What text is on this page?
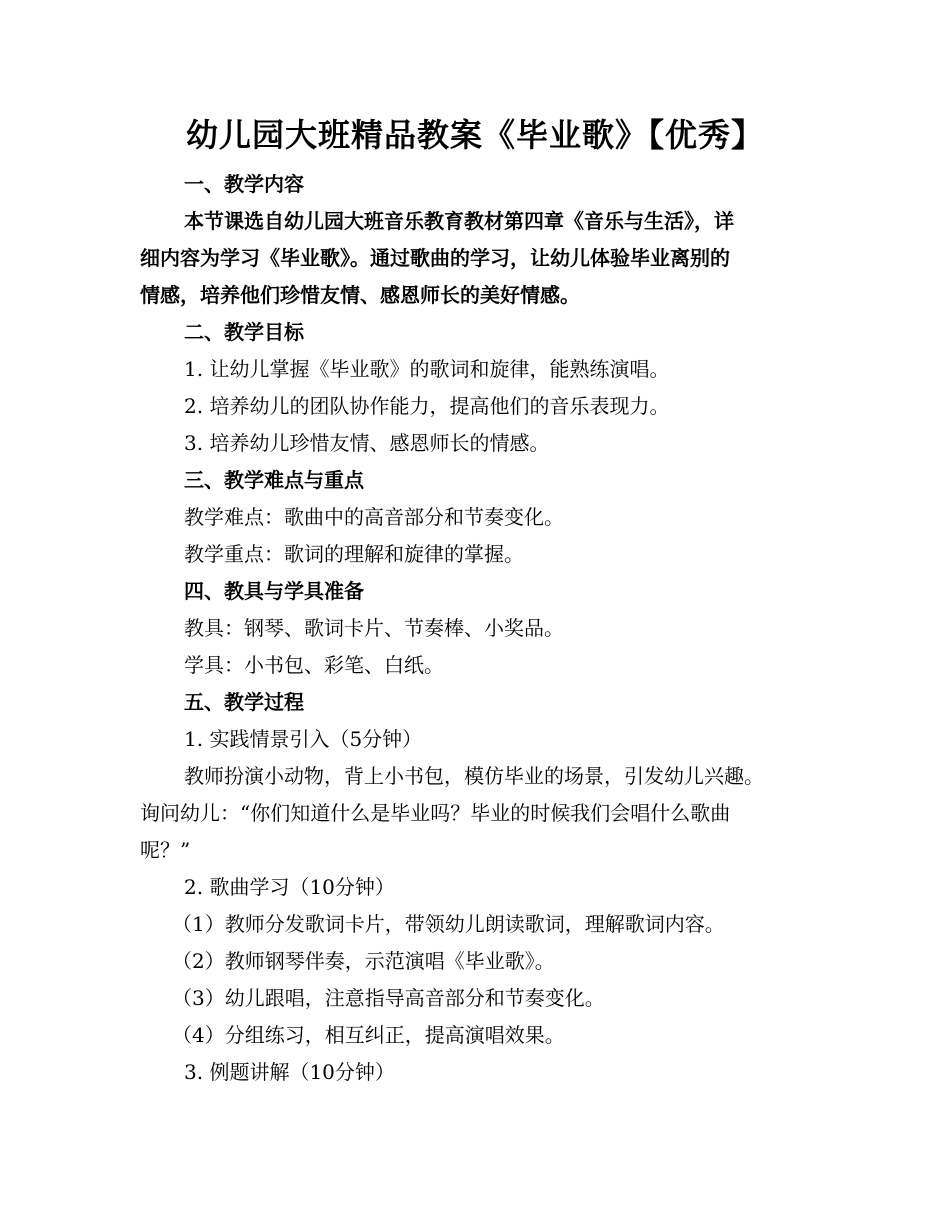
幼儿园大班精品教案《毕业歌》【优秀】
一、教学内容
本节课选自幼儿园大班音乐教育教材第四章《音乐与生活》，详
细内容为学习《毕业歌》。通过歌曲的学习，让幼儿体验毕业离别的
情感，培养他们珍惜友情、感恩师长的美好情感。
二、教学目标
1. 让幼儿掌握《毕业歌》的歌词和旋律，能熟练演唱。
2. 培养幼儿的团队协作能力，提高他们的音乐表现力。
3. 培养幼儿珍惜友情、感恩师长的情感。
三、教学难点与重点
教学难点：歌曲中的高音部分和节奏变化。
教学重点：歌词的理解和旋律的掌握。
四、教具与学具准备
教具：钢琴、歌词卡片、节奏棒、小奖品。
学具：小书包、彩笔、白纸。
五、教学过程
1. 实践情景引入（5分钟）
教师扮演小动物，背上小书包，模仿毕业的场景，引发幼儿兴趣。
询问幼儿：“你们知道什么是毕业吗？毕业的时候我们会唱什么歌曲
呢？”
2. 歌曲学习（10分钟）
（1）教师分发歌词卡片，带领幼儿朗读歌词，理解歌词内容。
（2）教师钢琴伴奏，示范演唱《毕业歌》。
（3）幼儿跟唱，注意指导高音部分和节奏变化。
（4）分组练习，相互纠正，提高演唱效果。
3. 例题讲解（10分钟）
